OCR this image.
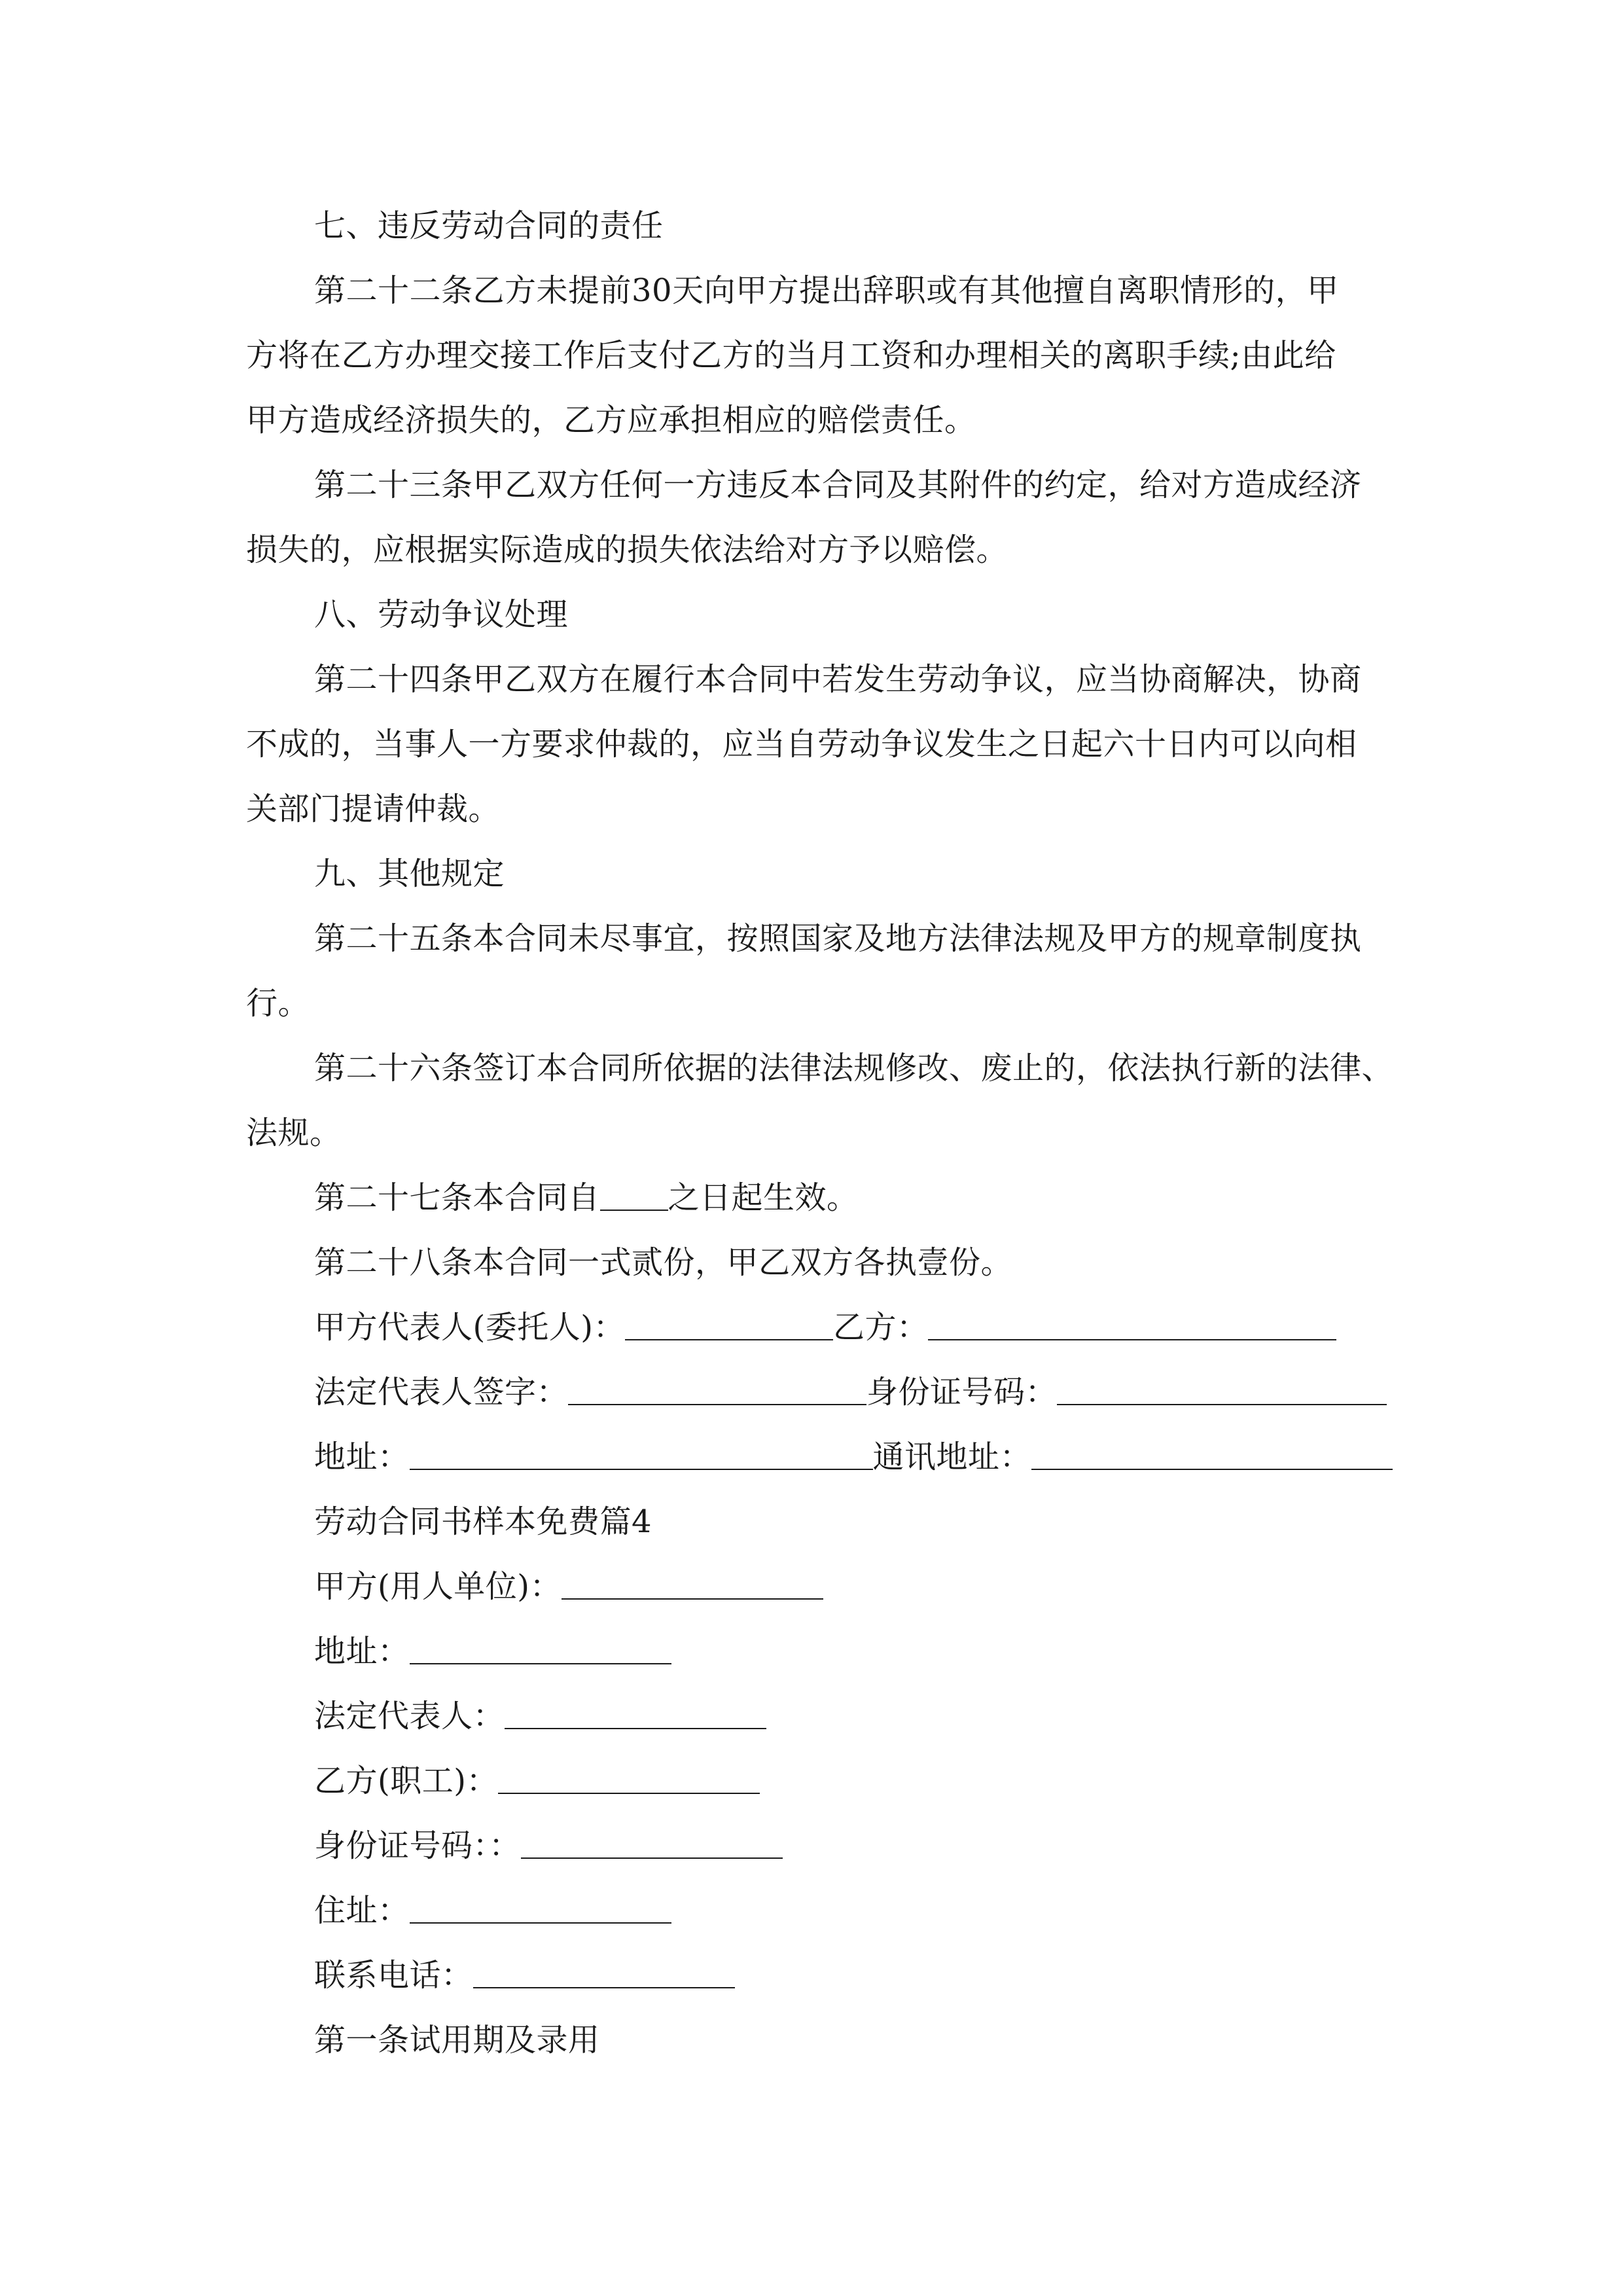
七、违反劳动合同的责任
第二十二条乙方未提前30天向甲方提出辞职或有其他擅自离职情形的，甲
方将在乙方办理交接工作后支付乙方的当月工资和办理相关的离职手续;由此给
甲方造成经济损失的，乙方应承担相应的赔偿责任。
第二十三条甲乙双方任何一方违反本合同及其附件的约定，给对方造成经济
损失的，应根据实际造成的损失依法给对方予以赔偿。
八、劳动争议处理
第二十四条甲乙双方在履行本合同中若发生劳动争议，应当协商解决，协商
不成的，当事人一方要求仲裁的，应当自劳动争议发生之日起六十日内可以向相
关部门提请仲裁。
九、其他规定
第二十五条本合同未尽事宜，按照国家及地方法律法规及甲方的规章制度执
行。
第二十六条签订本合同所依据的法律法规修改、废止的，依法执行新的法律、
法规。
第二十七条本合同自 之日起生效。
第二十八条本合同一式贰份，甲乙双方各执壹份。
甲方代表人(委托人)：	乙方：
法定代表人签字：	身份证号码：
地址：	通讯地址：
劳动合同书样本免费篇4
甲方(用人单位)：
地址：
法定代表人：
乙方(职工)：
身份证号码：：
住址：
联系电话：
第一条试用期及录用
